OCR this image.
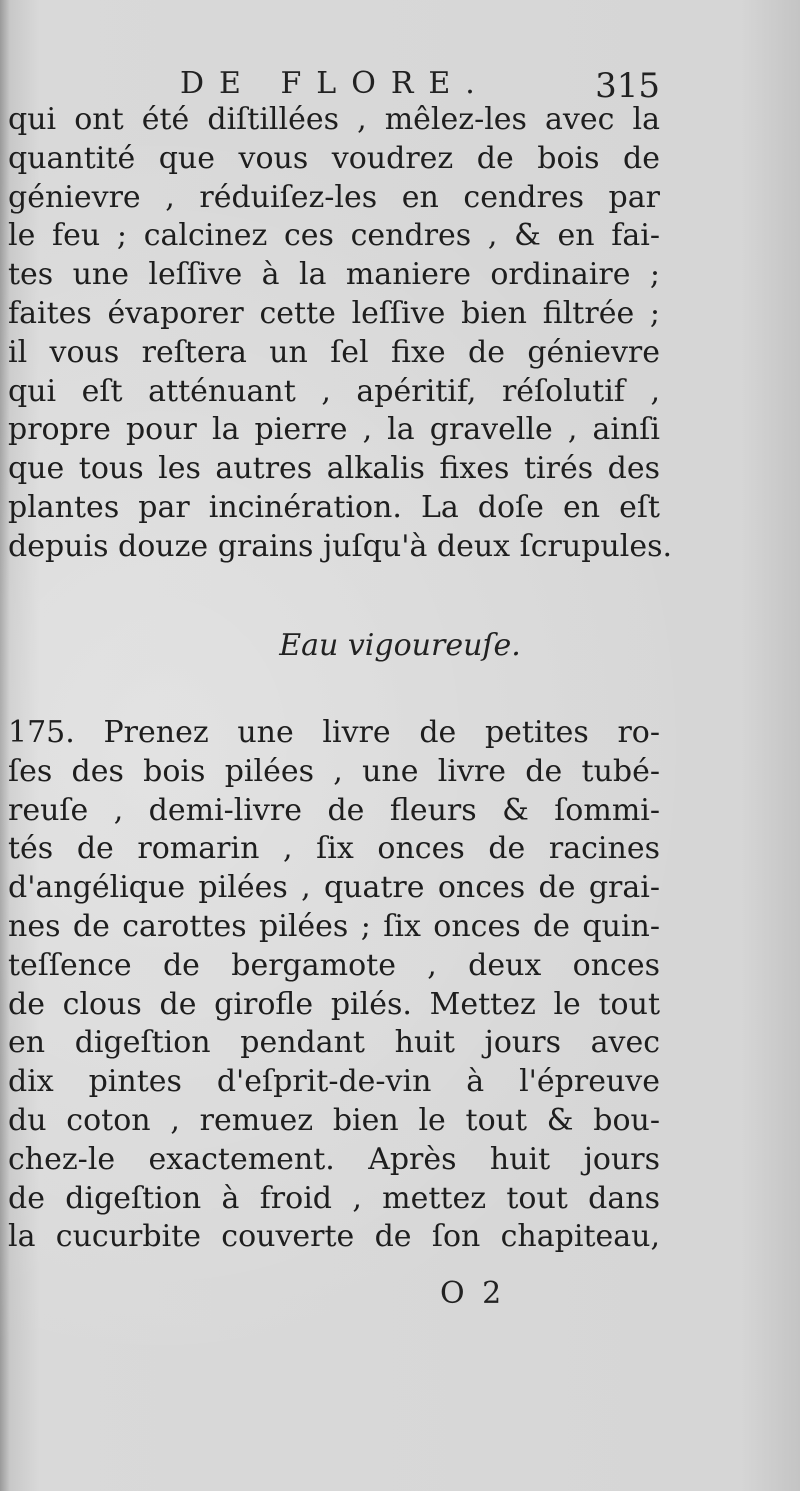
DE FLORE.	315
qui ont été diſtillées , mêlez-les avec la
quantité que vous voudrez de bois de
génievre , réduiſez-les en cendres par
le feu ; calcinez ces cendres , & en fai-
tes une leſſive à la maniere ordinaire ;
faites évaporer cette leſſive bien filtrée ;
il vous reſtera un ſel fixe de génievre
qui eſt atténuant , apéritif, réſolutif ,
propre pour la pierre , la gravelle , ainſi
que tous les autres alkalis fixes tirés des
plantes par incinération. La doſe en eſt
depuis douze grains juſqu'à deux ſcrupules.
Eau vigoureuſe.
175. Prenez une livre de petites ro-
ſes des bois pilées , une livre de tubé-
reuſe , demi-livre de fleurs & ſommi-
tés de romarin , ſix onces de racines
d'angélique pilées , quatre onces de grai-
nes de carottes pilées ; ſix onces de quin-
teſſence de bergamote , deux onces
de clous de girofle pilés. Mettez le tout
en digeſtion pendant huit jours avec
dix pintes d'eſprit-de-vin à l'épreuve
du coton , remuez bien le tout & bou-
chez-le exactement. Après huit jours
de digeſtion à froid , mettez tout dans
la cucurbite couverte de ſon chapiteau,
O 2
